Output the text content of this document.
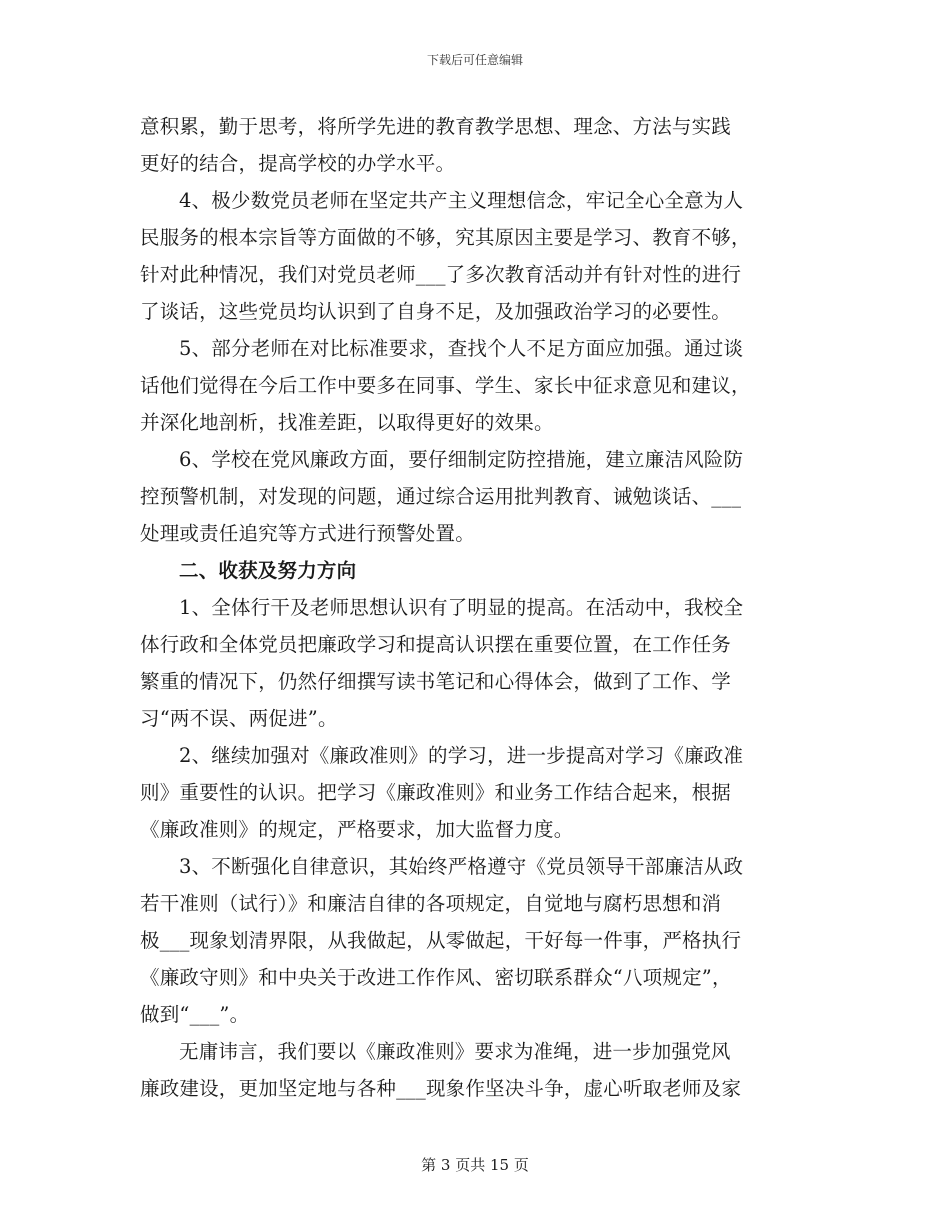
下载后可任意编辑
意积累，勤于思考，将所学先进的教育教学思想、理念、方法与实践
更好的结合，提高学校的办学水平。
4、极少数党员老师在坚定共产主义理想信念，牢记全心全意为人
民服务的根本宗旨等方面做的不够，究其原因主要是学习、教育不够，
针对此种情况，我们对党员老师___了多次教育活动并有针对性的进行
了谈话，这些党员均认识到了自身不足，及加强政治学习的必要性。
5、部分老师在对比标准要求，查找个人不足方面应加强。通过谈
话他们觉得在今后工作中要多在同事、学生、家长中征求意见和建议，
并深化地剖析，找准差距，以取得更好的效果。
6、学校在党风廉政方面，要仔细制定防控措施，建立廉洁风险防
控预警机制，对发现的问题，通过综合运用批判教育、诫勉谈话、___
处理或责任追究等方式进行预警处置。
二、收获及努力方向
1、全体行干及老师思想认识有了明显的提高。在活动中，我校全
体行政和全体党员把廉政学习和提高认识摆在重要位置，在工作任务
繁重的情况下，仍然仔细撰写读书笔记和心得体会，做到了工作、学
习“两不误、两促进”。
2、继续加强对《廉政准则》的学习，进一步提高对学习《廉政准
则》重要性的认识。把学习《廉政准则》和业务工作结合起来，根据
《廉政准则》的规定，严格要求，加大监督力度。
3、不断强化自律意识，其始终严格遵守《党员领导干部廉洁从政
若干准则（试行）》和廉洁自律的各项规定，自觉地与腐朽思想和消
极___现象划清界限，从我做起，从零做起，干好每一件事，严格执行
《廉政守则》和中央关于改进工作作风、密切联系群众“八项规定”，
做到“___”。
无庸讳言，我们要以《廉政准则》要求为准绳，进一步加强党风
廉政建设，更加坚定地与各种___现象作坚决斗争，虚心听取老师及家
第 3 页共 15 页
